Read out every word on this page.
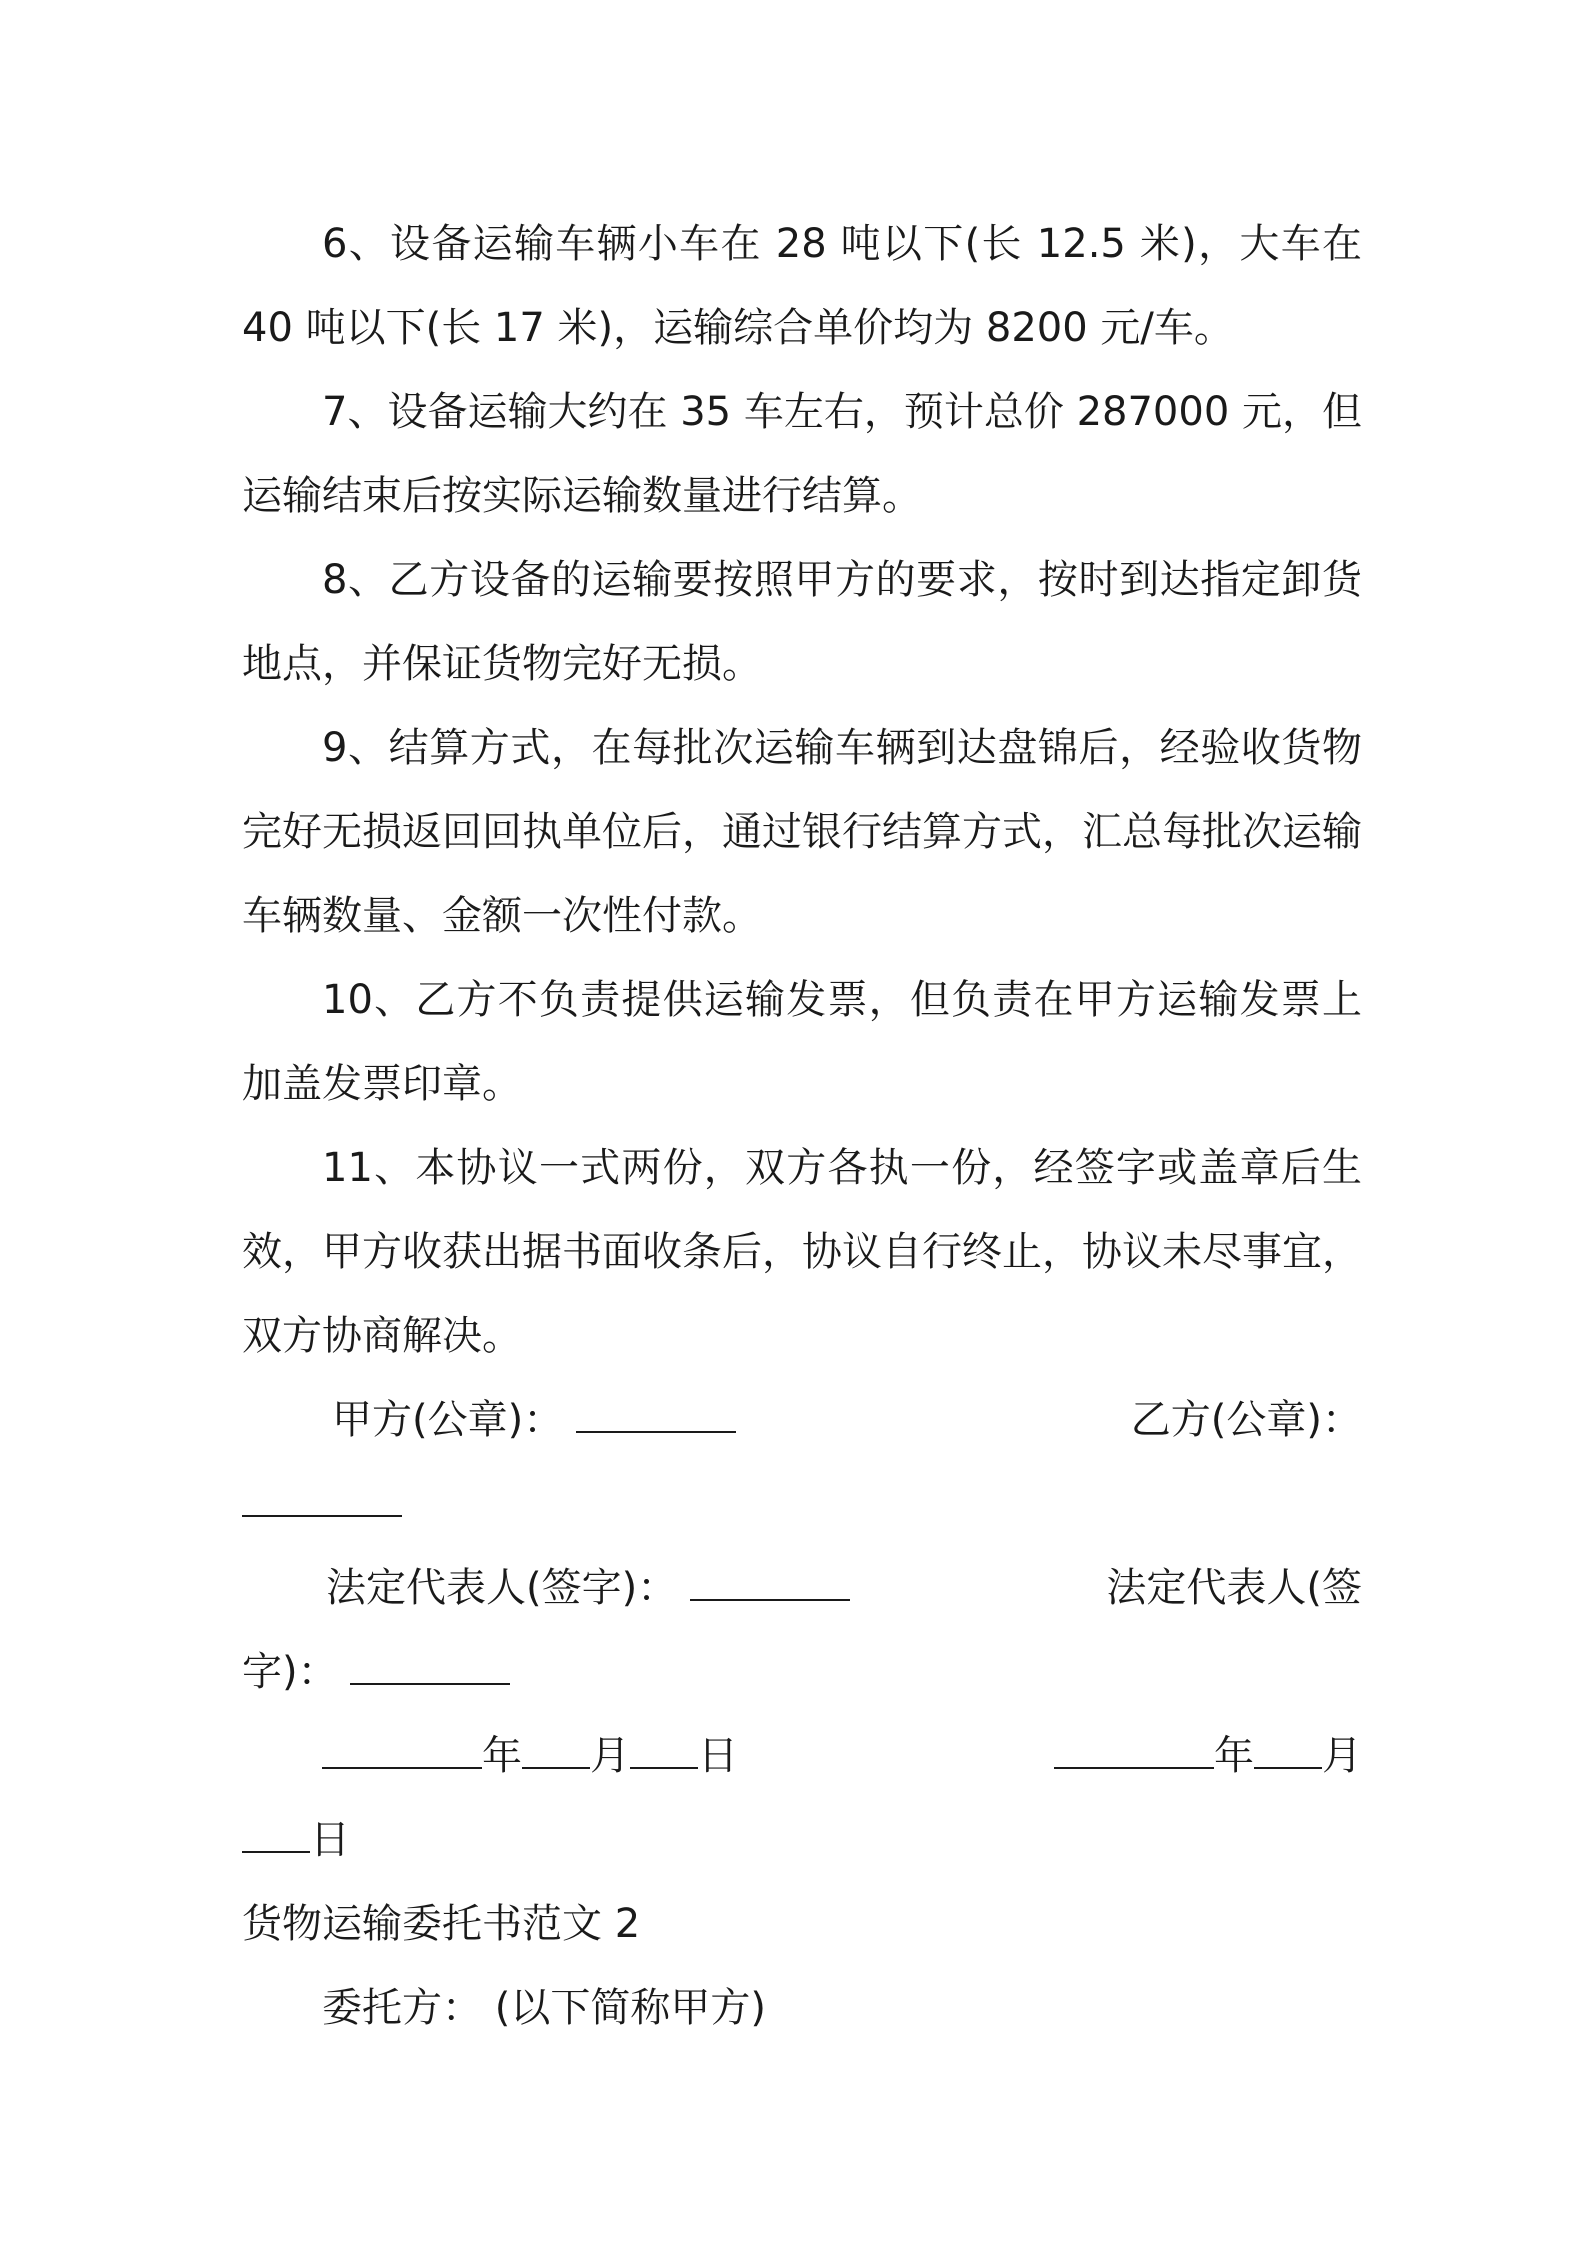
6、设备运输车辆小车在 28 吨以下(长 12.5 米)，大车在 40 吨以下(长 17 米)，运输综合单价均为 8200 元/车。

7、设备运输大约在 35 车左右，预计总价 287000 元，但运输结束后按实际运输数量进行结算。

8、乙方设备的运输要按照甲方的要求，按时到达指定卸货地点，并保证货物完好无损。

9、结算方式，在每批次运输车辆到达盘锦后，经验收货物完好无损返回回执单位后，通过银行结算方式，汇总每批次运输车辆数量、金额一次性付款。

10、乙方不负责提供运输发票，但负责在甲方运输发票上加盖发票印章。

11、本协议一式两份，双方各执一份，经签字或盖章后生效，甲方收获出据书面收条后，协议自行终止，协议未尽事宜，双方协商解决。

甲方(公章)：	乙方(公章)：
法定代表人(签字)：	法定代表人(签
字)：
年 月 日	年 月
日
货物运输委托书范文 2
委托方： (以下简称甲方)
